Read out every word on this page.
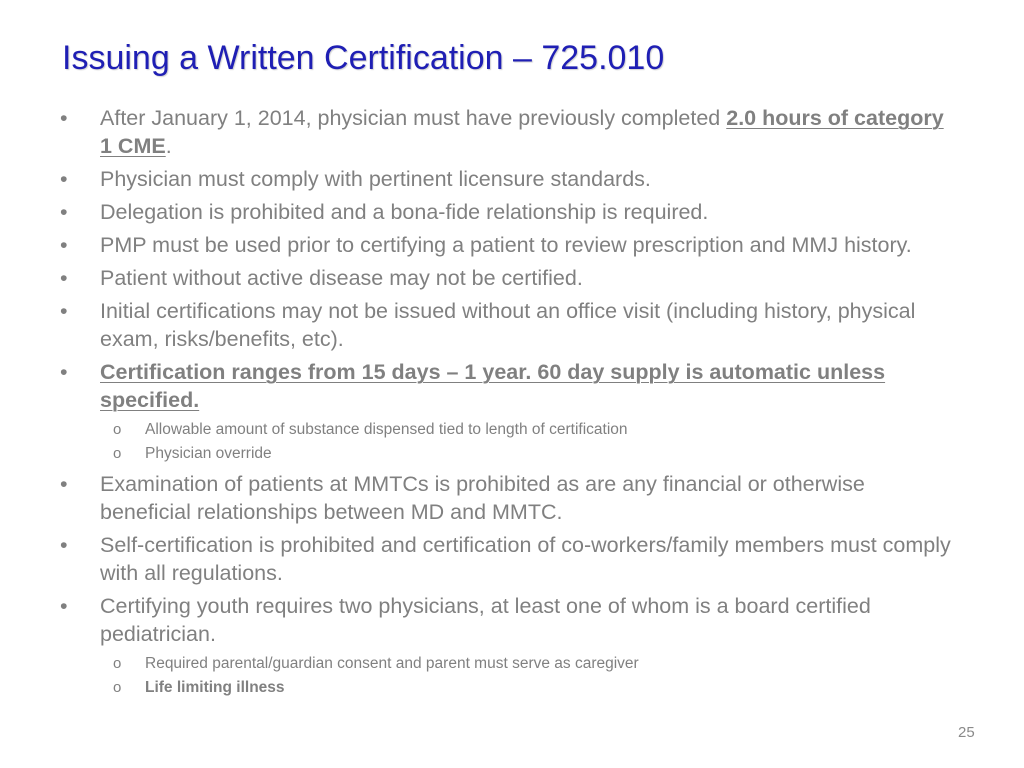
Issuing a Written Certification – 725.010
•	After January 1, 2014, physician must have previously completed 2.0 hours of category 1 CME.
•	Physician must comply with pertinent licensure standards.
•	Delegation is prohibited and a bona-fide relationship is required.
•	PMP must be used prior to certifying a patient to review prescription and MMJ history.
•	Patient without active disease may not be certified.
•	Initial certifications may not be issued without an office visit (including history, physical exam, risks/benefits, etc).
•	Certification ranges from 15 days – 1 year. 60 day supply is automatic unless specified.
o Allowable amount of substance dispensed tied to length of certification
o Physician override
•	Examination of patients at MMTCs is prohibited as are any financial or otherwise beneficial relationships between MD and MMTC.
•	Self-certification is prohibited and certification of co-workers/family members must comply with all regulations.
•	Certifying youth requires two physicians, at least one of whom is a board certified pediatrician.
o Required parental/guardian consent and parent must serve as caregiver
o Life limiting illness
25
